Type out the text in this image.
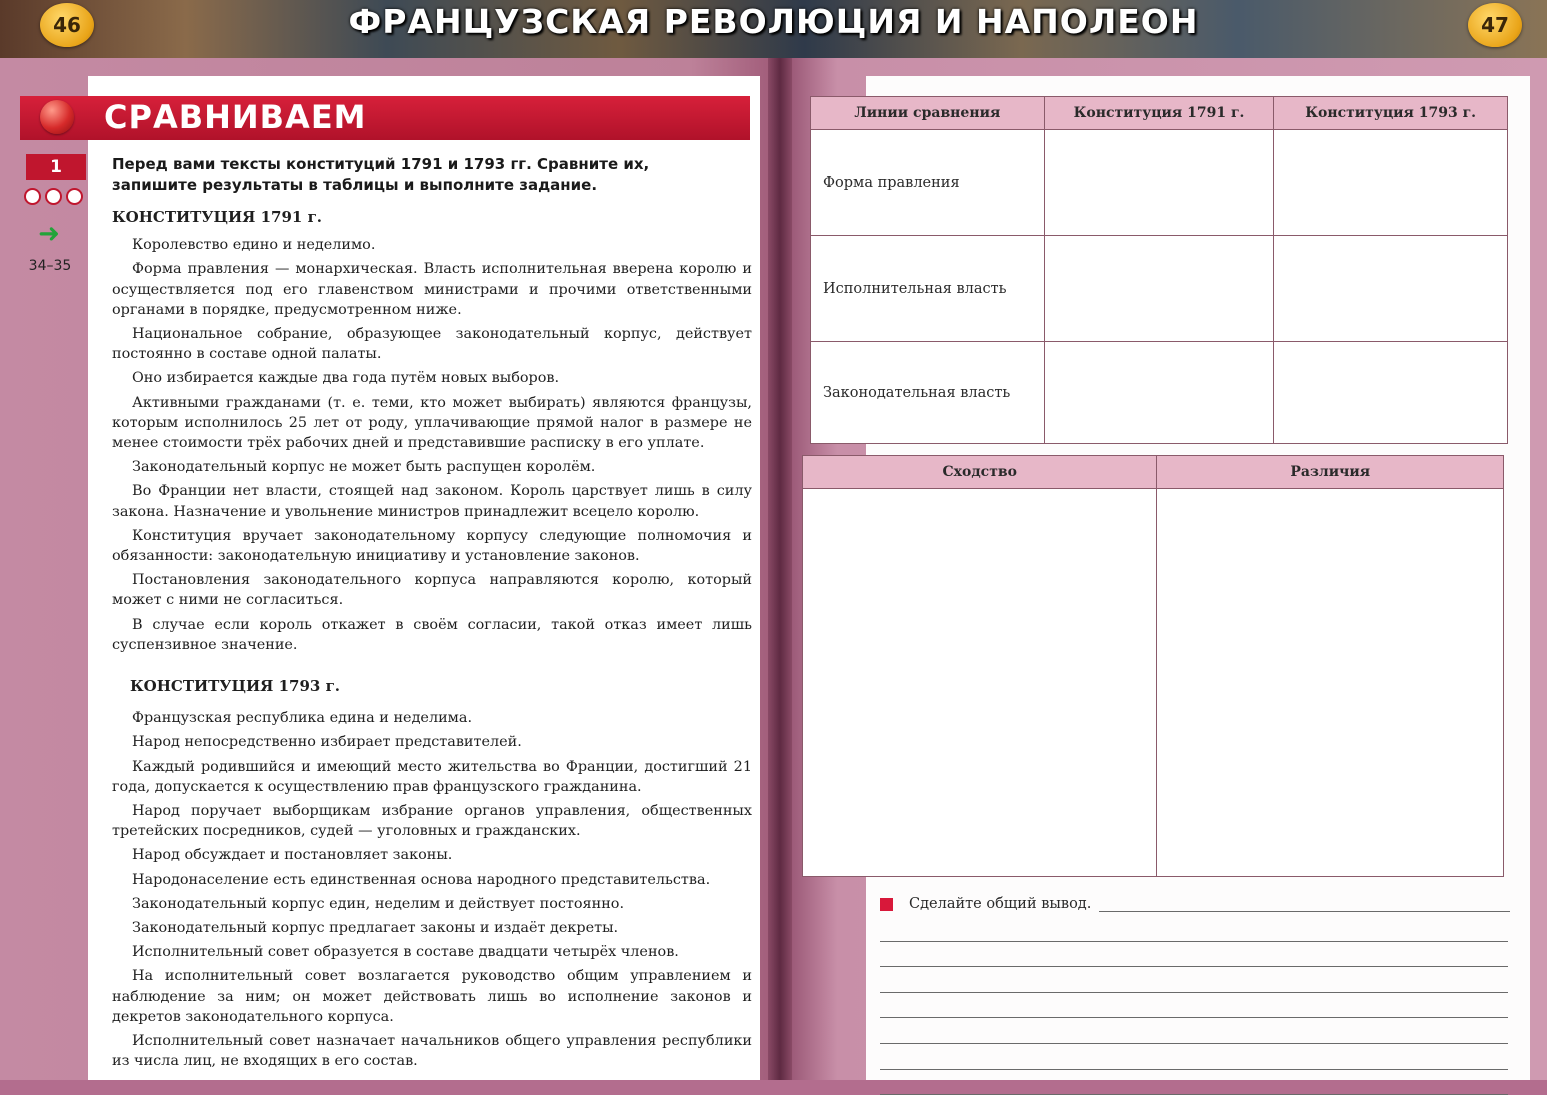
ФРАНЦУЗСКАЯ РЕВОЛЮЦИЯ И НАПОЛЕОН
46	47
СРАВНИВАЕМ
1
➜
34–35
Перед вами тексты конституций 1791 и 1793 гг. Сравните их, запишите результаты в таблицы и выполните задание.
КОНСТИТУЦИЯ 1791 г.

Королевство едино и неделимо.

Форма правления — монархическая. Власть исполнительная вверена королю и осуществляется под его главенством министрами и прочими ответственными органами в порядке, предусмотренном ниже.

Национальное собрание, образующее законодательный корпус, действует постоянно в составе одной палаты.

Оно избирается каждые два года путём новых выборов.

Активными гражданами (т. е. теми, кто может выбирать) являются французы, которым исполнилось 25 лет от роду, уплачивающие прямой налог в размере не менее стоимости трёх рабочих дней и представившие расписку в его уплате.

Законодательный корпус не может быть распущен королём.

Во Франции нет власти, стоящей над законом. Король царствует лишь в силу закона. Назначение и увольнение министров принадлежит всецело королю.

Конституция вручает законодательному корпусу следующие полномочия и обязанности: законодательную инициативу и установление законов.

Постановления законодательного корпуса направляются королю, который может с ними не согласиться.

В случае если король откажет в своём согласии, такой отказ имеет лишь суспензивное значение.

КОНСТИТУЦИЯ 1793 г.

Французская республика едина и неделима.

Народ непосредственно избирает представителей.

Каждый родившийся и имеющий место жительства во Франции, достигший 21 года, допускается к осуществлению прав французского гражданина.

Народ поручает выборщикам избрание органов управления, общественных третейских посредников, судей — уголовных и гражданских.

Народ обсуждает и постановляет законы.

Народонаселение есть единственная основа народного представительства.

Законодательный корпус един, неделим и действует постоянно.

Законодательный корпус предлагает законы и издаёт декреты.

Исполнительный совет образуется в составе двадцати четырёх членов.

На исполнительный совет возлагается руководство общим управлением и наблюдение за ним; он может действовать лишь во исполнение законов и декретов законодательного корпуса.

Исполнительный совет назначает начальников общего управления республики из числа лиц, не входящих в его состав.

Линии сравнения	Конституция 1791 г.	Конституция 1793 г.
Форма правления		
Исполнительная власть		
Законодательная власть		
Сходство	Различия

Сделайте общий вывод.
